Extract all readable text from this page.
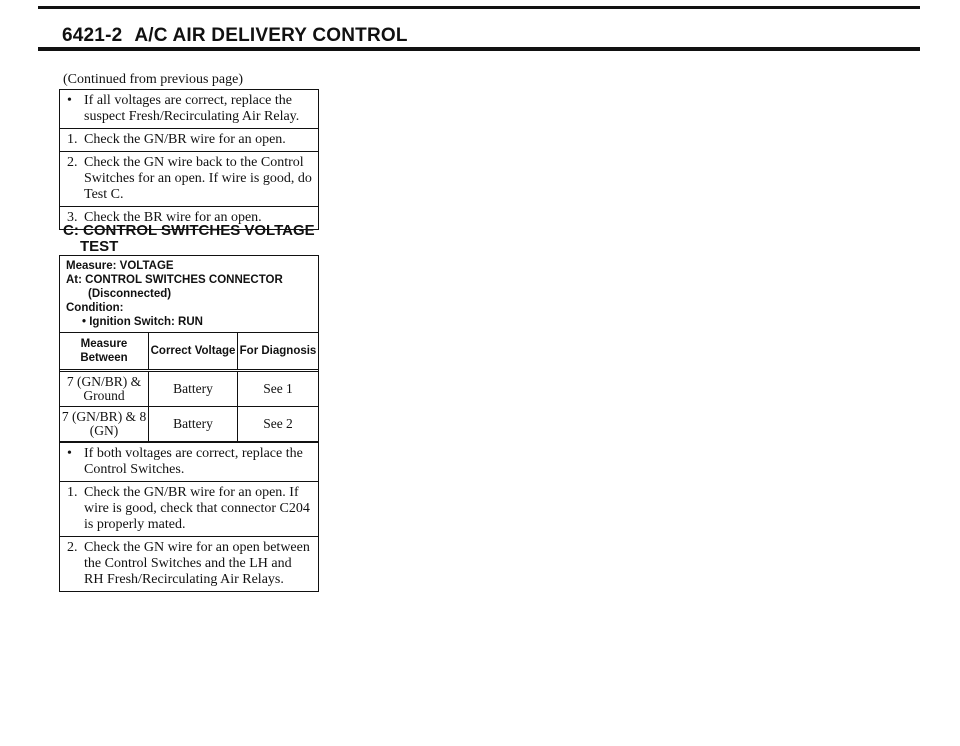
6421-2 A/C AIR DELIVERY CONTROL
(Continued from previous page)
• If all voltages are correct, replace the suspect Fresh/Recirculating Air Relay.
1. Check the GN/BR wire for an open.
2. Check the GN wire back to the Control Switches for an open. If wire is good, do Test C.
3. Check the BR wire for an open.
C: CONTROL SWITCHES VOLTAGE
TEST
Measure: VOLTAGE
At: CONTROL SWITCHES CONNECTOR
(Disconnected)
Condition:
• Ignition Switch: RUN
Measure Between	Correct Voltage	For Diagnosis
7 (GN/BR) & Ground	Battery	See 1
7 (GN/BR) & 8 (GN)	Battery	See 2
• If both voltages are correct, replace the Control Switches.
1. Check the GN/BR wire for an open. If wire is good, check that connector C204 is properly mated.
2. Check the GN wire for an open between the Control Switches and the LH and RH Fresh/Recirculating Air Relays.
